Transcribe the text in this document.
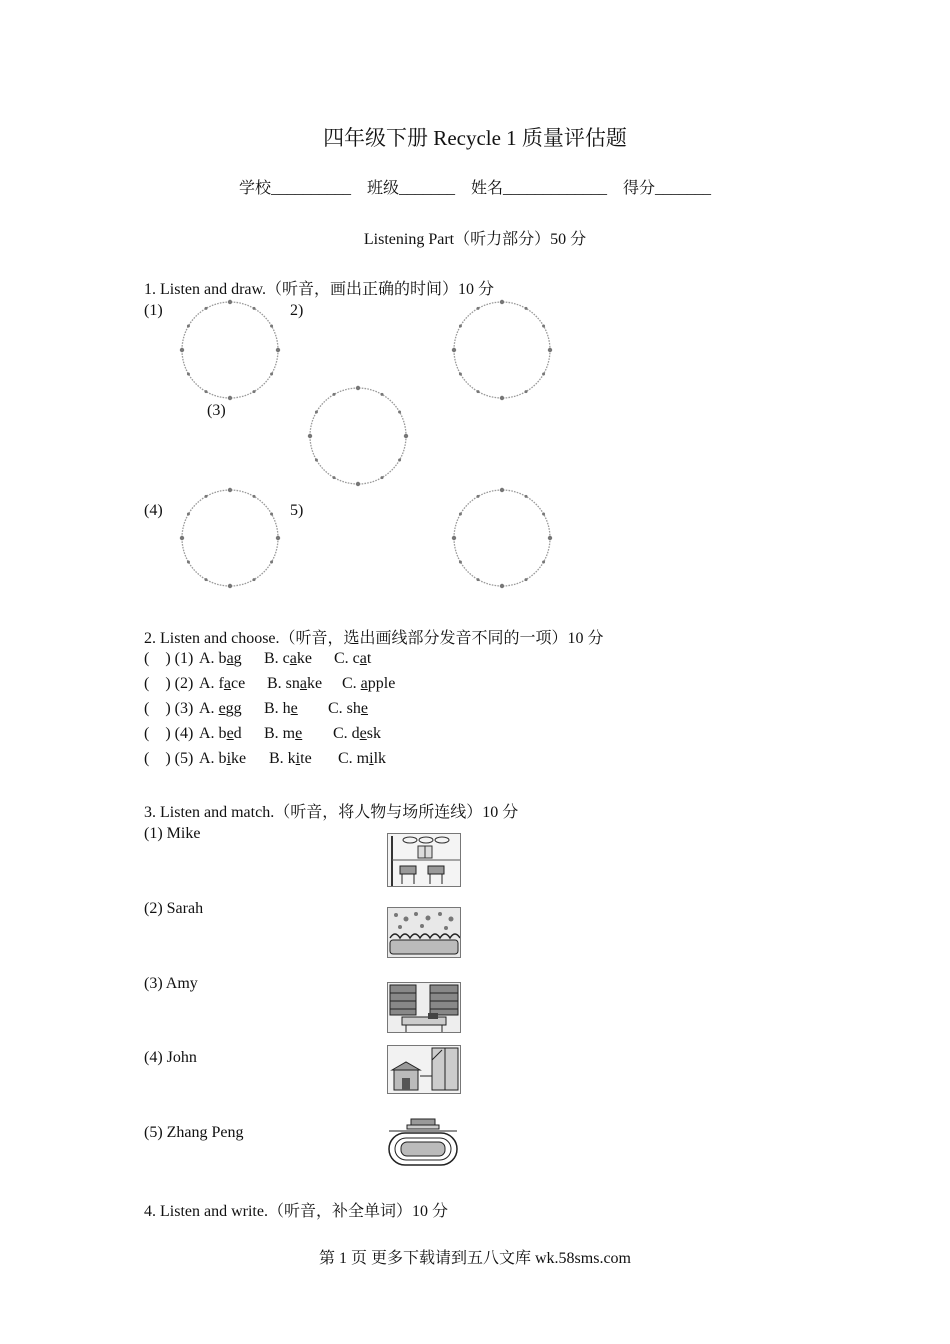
四年级下册 Recycle 1 质量评估题
学校__________ 班级_______ 姓名_____________ 得分_______
Listening Part（听力部分）50 分
1. Listen and draw.（听音，画出正确的时间）10 分
(1)	2)
(3)
(4)	5)
2. Listen and choose.（听音，选出画线部分发音不同的一项）10 分
(    ) (1) A. bag B. cake C. cat
(    ) (2) A. face B. snake C. apple
(    ) (3) A. egg B. he C. she
(    ) (4) A. bed B. me C. desk
(    ) (5) A. bike B. kite C. milk
3. Listen and match.（听音，将人物与场所连线）10 分
(1) Mike
(2) Sarah
(3) Amy
(4) John
(5) Zhang Peng
4. Listen and write.（听音，补全单词）10 分
第 1 页 更多下载请到五八文库 wk.58sms.com
